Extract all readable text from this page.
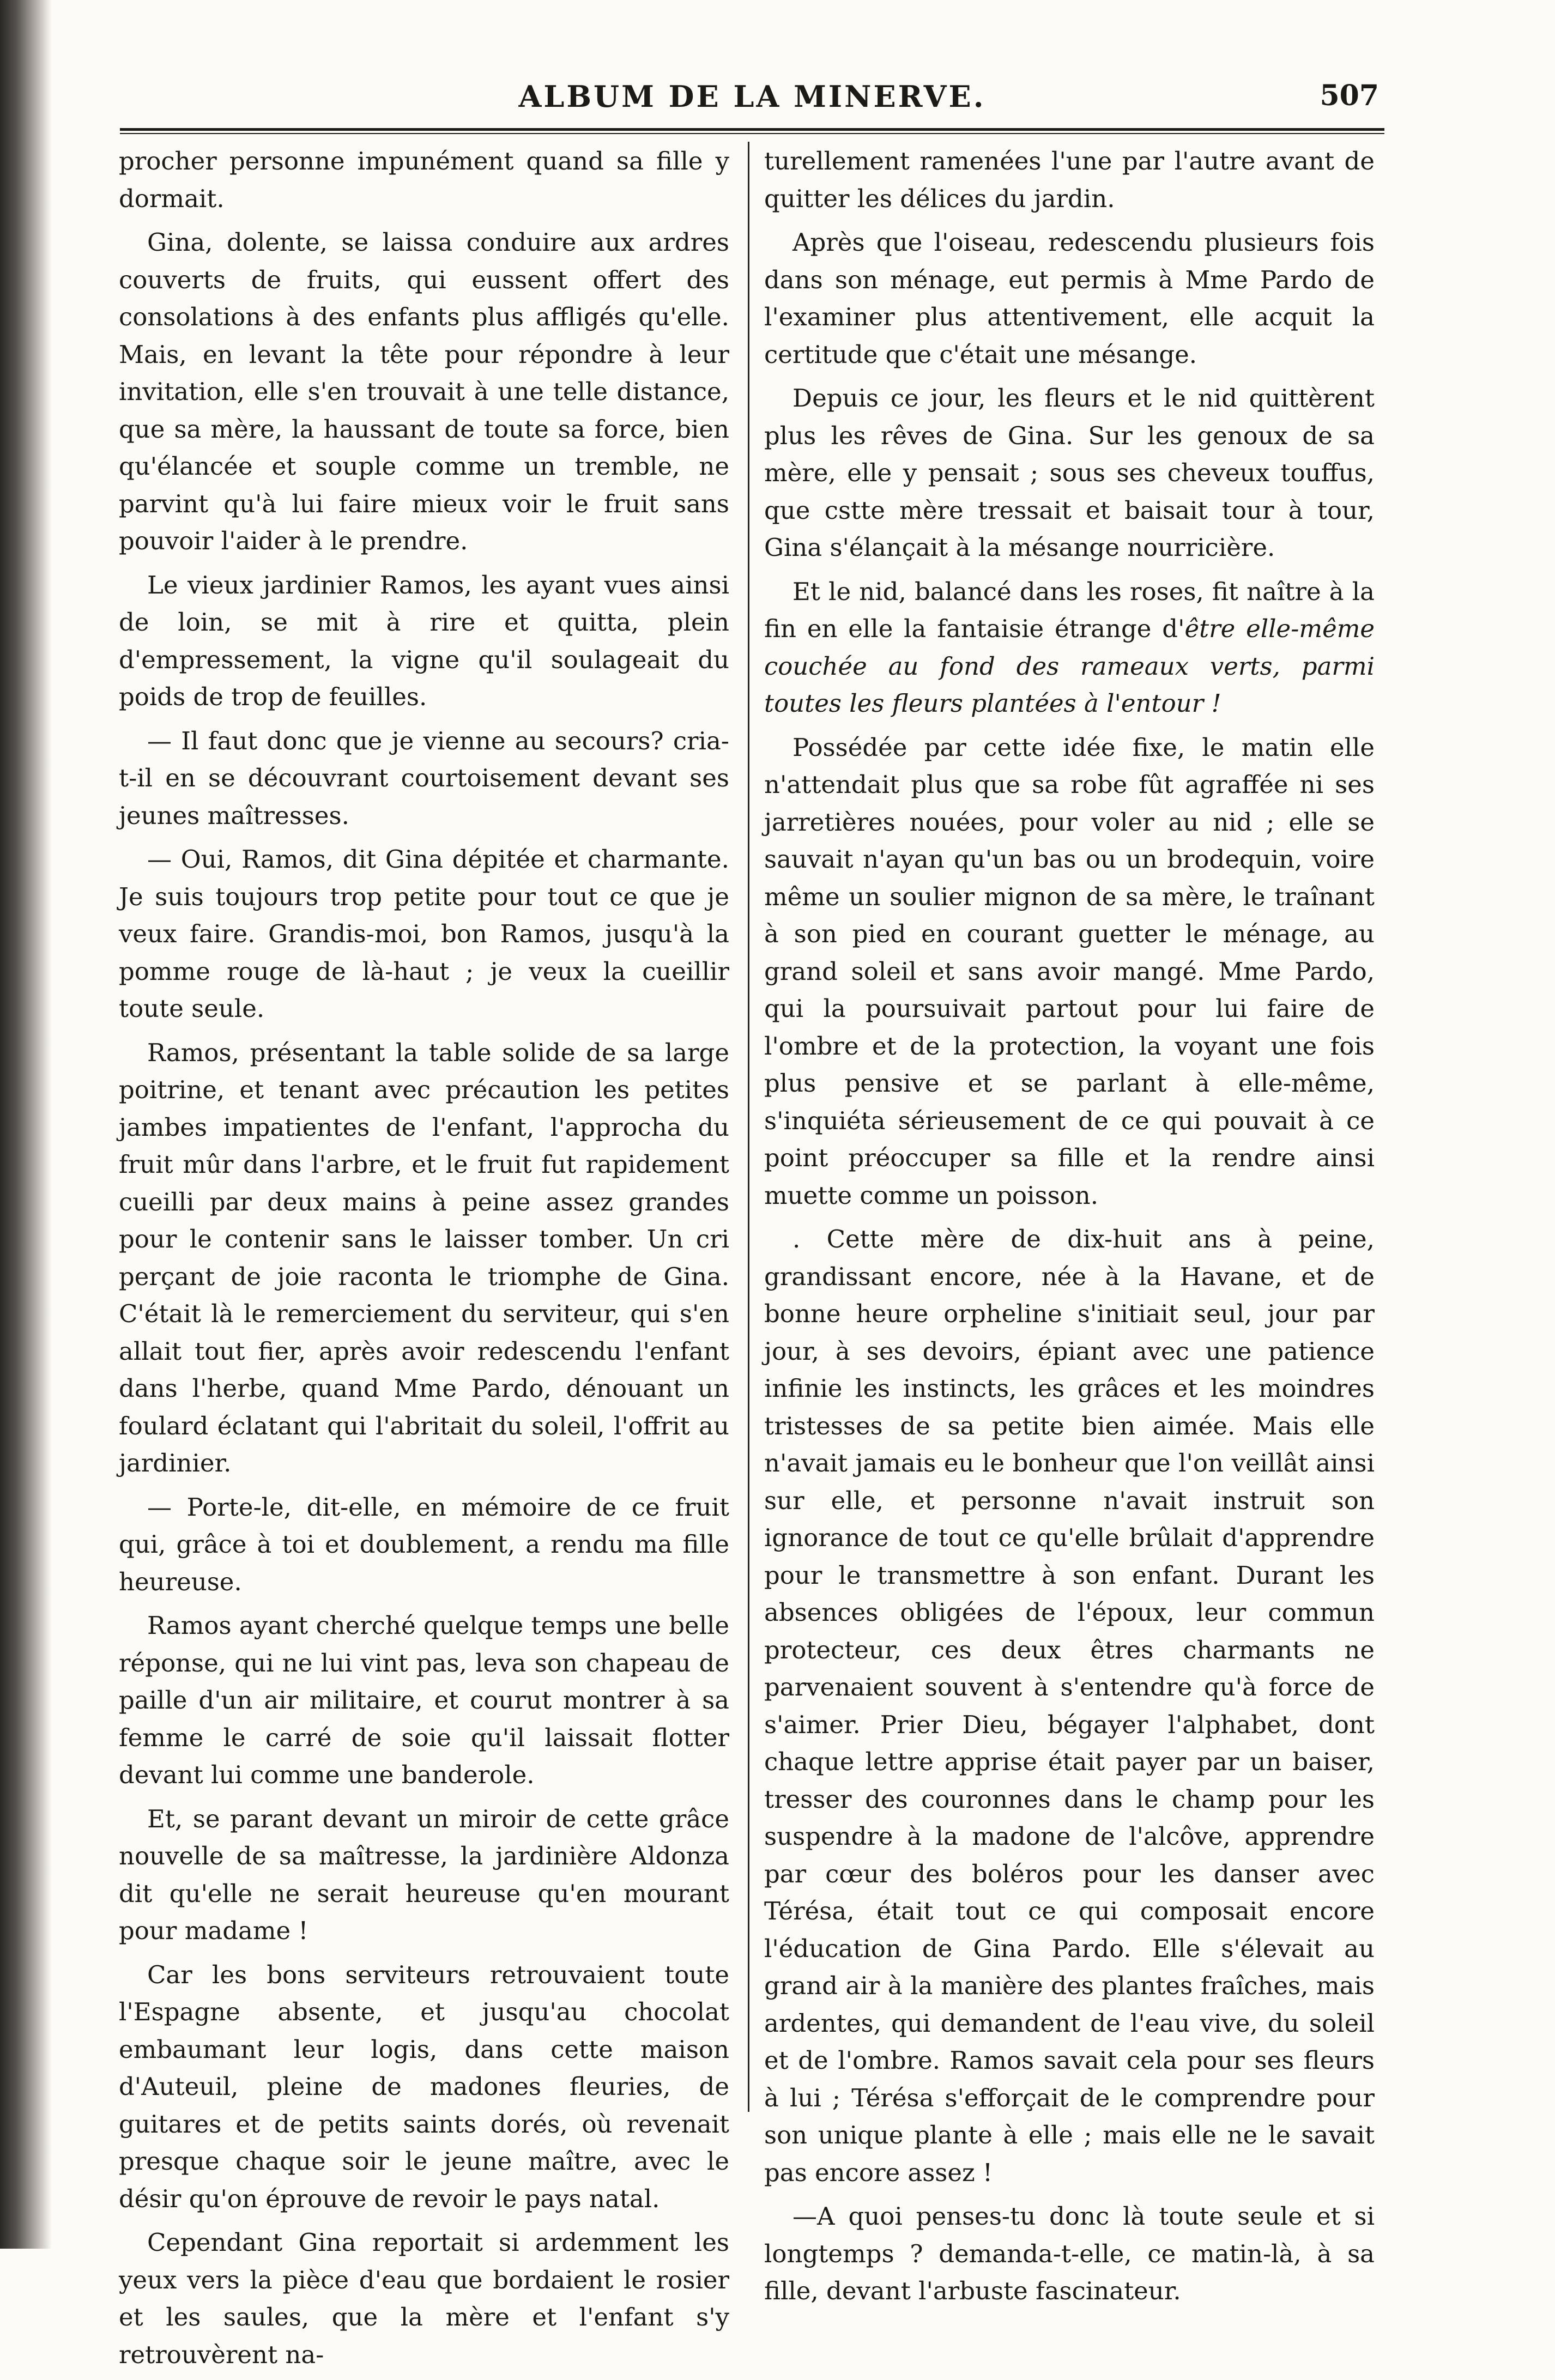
ALBUM DE LA MINERVE.	507

procher personne impunément quand sa fille y dormait.

Gina, dolente, se laissa conduire aux ardres couverts de fruits, qui eussent offert des consolations à des enfants plus affligés qu'elle. Mais, en levant la tête pour répondre à leur invitation, elle s'en trouvait à une telle distance, que sa mère, la haussant de toute sa force, bien qu'élancée et souple comme un tremble, ne parvint qu'à lui faire mieux voir le fruit sans pouvoir l'aider à le prendre.

Le vieux jardinier Ramos, les ayant vues ainsi de loin, se mit à rire et quitta, plein d'empressement, la vigne qu'il soulageait du poids de trop de feuilles.

— Il faut donc que je vienne au secours? cria-t-il en se découvrant courtoisement devant ses jeunes maîtresses.

— Oui, Ramos, dit Gina dépitée et charmante. Je suis toujours trop petite pour tout ce que je veux faire. Grandis-moi, bon Ramos, jusqu'à la pomme rouge de là-haut ; je veux la cueillir toute seule.

Ramos, présentant la table solide de sa large poitrine, et tenant avec précaution les petites jambes impatientes de l'enfant, l'approcha du fruit mûr dans l'arbre, et le fruit fut rapidement cueilli par deux mains à peine assez grandes pour le contenir sans le laisser tomber. Un cri perçant de joie raconta le triomphe de Gina. C'était là le remerciement du serviteur, qui s'en allait tout fier, après avoir redescendu l'enfant dans l'herbe, quand Mme Pardo, dénouant un foulard éclatant qui l'abritait du soleil, l'offrit au jardinier.

— Porte-le, dit-elle, en mémoire de ce fruit qui, grâce à toi et doublement, a rendu ma fille heureuse.

Ramos ayant cherché quelque temps une belle réponse, qui ne lui vint pas, leva son chapeau de paille d'un air militaire, et courut montrer à sa femme le carré de soie qu'il laissait flotter devant lui comme une banderole.

Et, se parant devant un miroir de cette grâce nouvelle de sa maîtresse, la jardinière Aldonza dit qu'elle ne serait heureuse qu'en mourant pour madame !

Car les bons serviteurs retrouvaient toute l'Espagne absente, et jusqu'au chocolat embaumant leur logis, dans cette maison d'Auteuil, pleine de madones fleuries, de guitares et de petits saints dorés, où revenait presque chaque soir le jeune maître, avec le désir qu'on éprouve de revoir le pays natal.

Cependant Gina reportait si ardemment les yeux vers la pièce d'eau que bordaient le rosier et les saules, que la mère et l'enfant s'y retrouvèrent na-

turellement ramenées l'une par l'autre avant de quitter les délices du jardin.

Après que l'oiseau, redescendu plusieurs fois dans son ménage, eut permis à Mme Pardo de l'examiner plus attentivement, elle acquit la certitude que c'était une mésange.

Depuis ce jour, les fleurs et le nid quittèrent plus les rêves de Gina. Sur les genoux de sa mère, elle y pensait ; sous ses cheveux touffus, que cstte mère tressait et baisait tour à tour, Gina s'élançait à la mésange nourricière.

Et le nid, balancé dans les roses, fit naître à la fin en elle la fantaisie étrange d'être elle-même couchée au fond des rameaux verts, parmi toutes les fleurs plantées à l'entour !

Possédée par cette idée fixe, le matin elle n'attendait plus que sa robe fût agraffée ni ses jarretières nouées, pour voler au nid ; elle se sauvait n'ayan qu'un bas ou un brodequin, voire même un soulier mignon de sa mère, le traînant à son pied en courant guetter le ménage, au grand soleil et sans avoir mangé. Mme Pardo, qui la poursuivait partout pour lui faire de l'ombre et de la protection, la voyant une fois plus pensive et se parlant à elle-même, s'inquiéta sérieusement de ce qui pouvait à ce point préoccuper sa fille et la rendre ainsi muette comme un poisson.

. Cette mère de dix-huit ans à peine, grandissant encore, née à la Havane, et de bonne heure orpheline s'initiait seul, jour par jour, à ses devoirs, épiant avec une patience infinie les instincts, les grâces et les moindres tristesses de sa petite bien aimée. Mais elle n'avait jamais eu le bonheur que l'on veillât ainsi sur elle, et personne n'avait instruit son ignorance de tout ce qu'elle brûlait d'apprendre pour le transmettre à son enfant. Durant les absences obligées de l'époux, leur commun protecteur, ces deux êtres charmants ne parvenaient souvent à s'entendre qu'à force de s'aimer. Prier Dieu, bégayer l'alphabet, dont chaque lettre apprise était payer par un baiser, tresser des couronnes dans le champ pour les suspendre à la madone de l'alcôve, apprendre par cœur des boléros pour les danser avec Térésa, était tout ce qui composait encore l'éducation de Gina Pardo. Elle s'élevait au grand air à la manière des plantes fraîches, mais ardentes, qui demandent de l'eau vive, du soleil et de l'ombre. Ramos savait cela pour ses fleurs à lui ; Térésa s'efforçait de le comprendre pour son unique plante à elle ; mais elle ne le savait pas encore assez !

—A quoi penses-tu donc là toute seule et si longtemps ? demanda-t-elle, ce matin-là, à sa fille, devant l'arbuste fascinateur.
